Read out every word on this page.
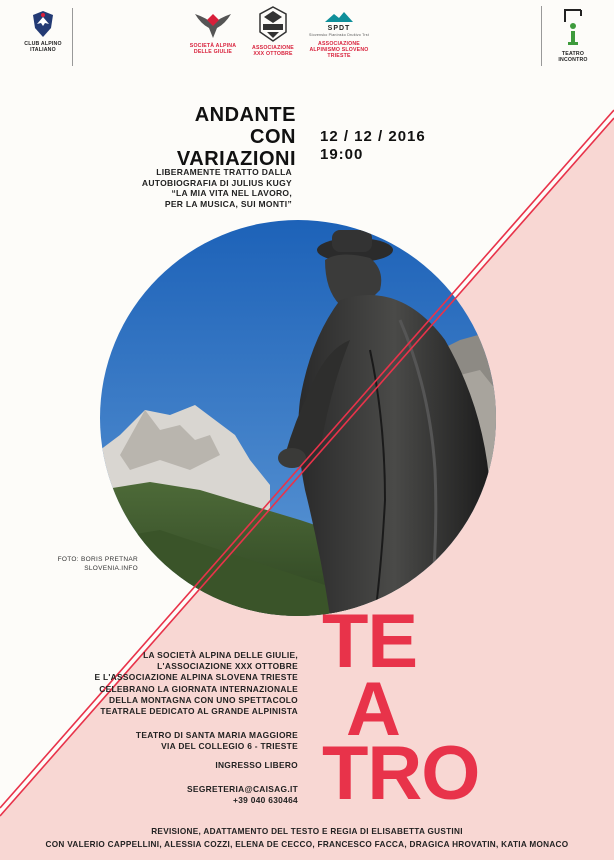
CLUB ALPINO
ITALIANO
SOCIETÀ ALPINA
DELLE GIULIE
ASSOCIAZIONE
XXX OTTOBRE
SPDT
Slovensko Planinsko Društvo Trst
ASSOCIAZIONE
ALPINISMO SLOVENO
TRIESTE	TEATRO
INCONTRO
ANDANTE
CON VARIAZIONI
12 / 12 / 2016
19:00
LIBERAMENTE TRATTO DALLA
AUTOBIOGRAFIA DI JULIUS KUGY
“LA MIA VITA NEL LAVORO,
PER LA MUSICA, SUI MONTI”
FOTO: BORIS PRETNAR
SLOVENIA.INFO
TE
A
TRO
LA SOCIETÀ ALPINA DELLE GIULIE,
L'ASSOCIAZIONE XXX OTTOBRE
E L'ASSOCIAZIONE ALPINA SLOVENA TRIESTE
CELEBRANO LA GIORNATA INTERNAZIONALE
DELLA MONTAGNA CON UNO SPETTACOLO
TEATRALE DEDICATO AL GRANDE ALPINISTA
TEATRO DI SANTA MARIA MAGGIORE
VIA DEL COLLEGIO 6 - TRIESTE
INGRESSO LIBERO
SEGRETERIA@CAISAG.IT
+39 040 630464
REVISIONE, ADATTAMENTO DEL TESTO E REGIA DI ELISABETTA GUSTINI
CON VALERIO CAPPELLINI, ALESSIA COZZI, ELENA DE CECCO, FRANCESCO FACCA, DRAGICA HROVATIN, KATIA MONACO
